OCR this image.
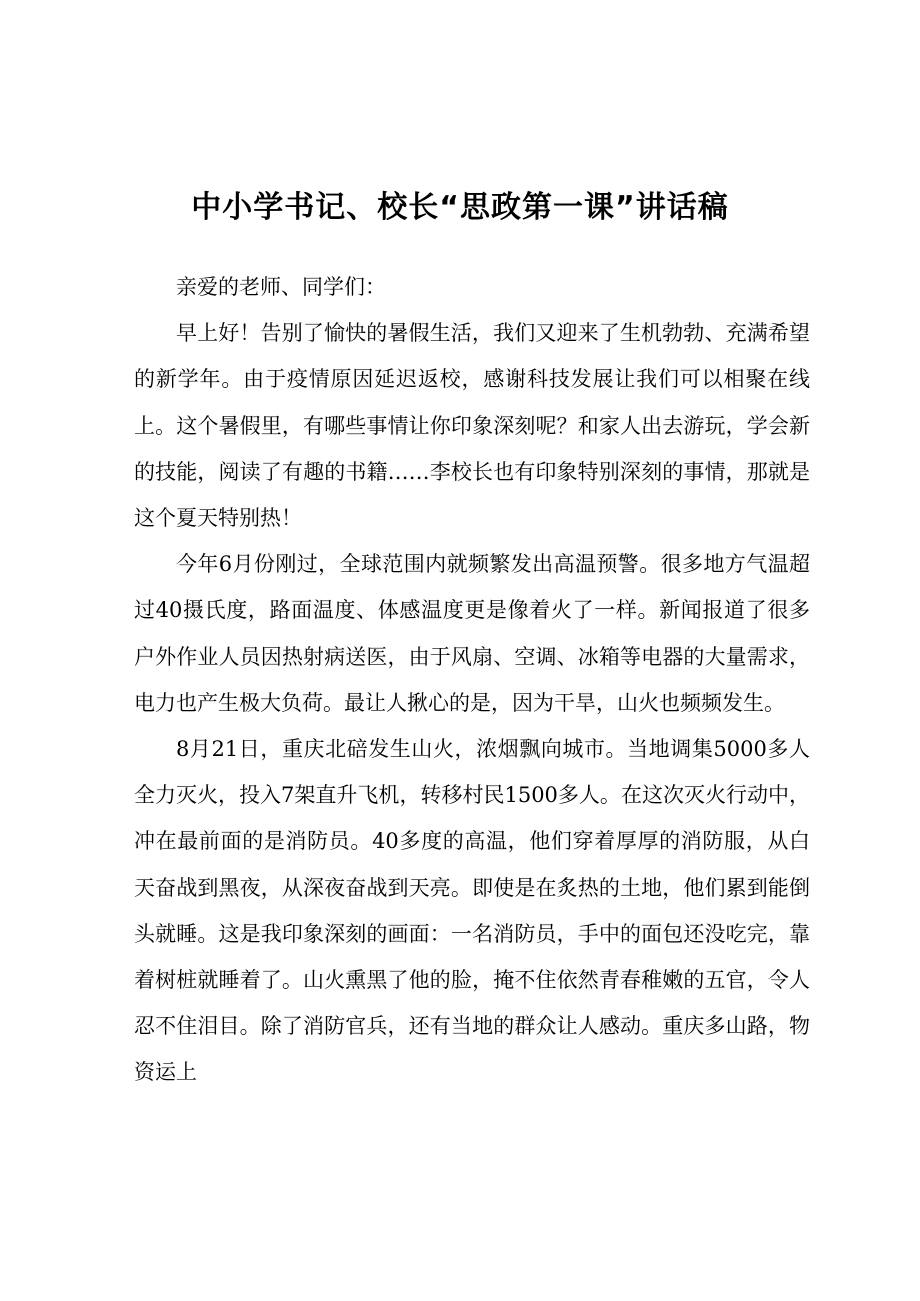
中小学书记、校长“思政第一课”讲话稿

亲爱的老师、同学们：

早上好！告别了愉快的暑假生活，我们又迎来了生机勃勃、充满希望的新学年。由于疫情原因延迟返校，感谢科技发展让我们可以相聚在线上。这个暑假里，有哪些事情让你印象深刻呢？和家人出去游玩，学会新的技能，阅读了有趣的书籍……李校长也有印象特别深刻的事情，那就是这个夏天特别热！

今年6月份刚过，全球范围内就频繁发出高温预警。很多地方气温超过40摄氏度，路面温度、体感温度更是像着火了一样。新闻报道了很多户外作业人员因热射病送医，由于风扇、空调、冰箱等电器的大量需求，电力也产生极大负荷。最让人揪心的是，因为干旱，山火也频频发生。

8月21日，重庆北碚发生山火，浓烟飘向城市。当地调集5000多人全力灭火，投入7架直升飞机，转移村民1500多人。在这次灭火行动中，冲在最前面的是消防员。40多度的高温，他们穿着厚厚的消防服，从白天奋战到黑夜，从深夜奋战到天亮。即使是在炙热的土地，他们累到能倒头就睡。这是我印象深刻的画面：一名消防员，手中的面包还没吃完，靠着树桩就睡着了。山火熏黑了他的脸，掩不住依然青春稚嫩的五官，令人忍不住泪目。除了消防官兵，还有当地的群众让人感动。重庆多山路，物资运上
